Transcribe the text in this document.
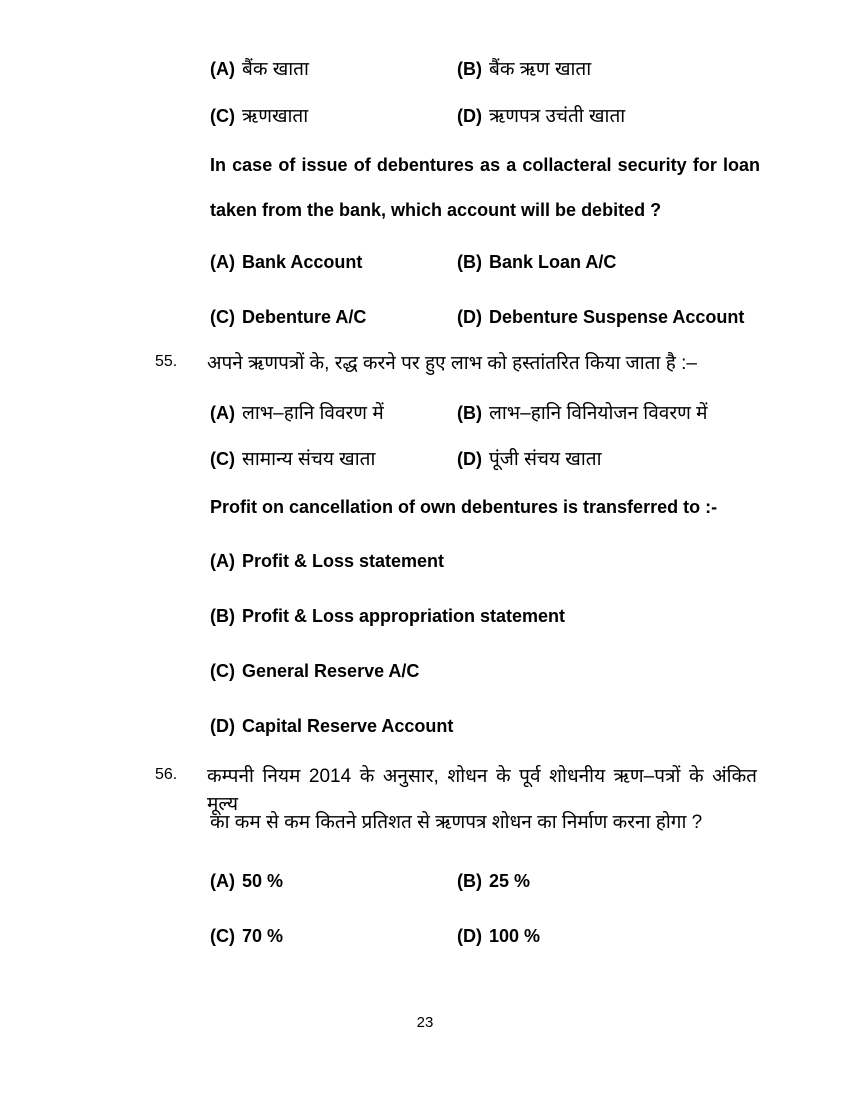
(A) बैंक खाता	(B) बैंक ऋण खाता
(C) ऋणखाता	(D) ऋणपत्र उचंती खाता
In case of issue of debentures as a collacteral security for loan
taken from the bank, which account will be debited ?
(A) Bank Account	(B) Bank Loan A/C
(C) Debenture A/C	(D) Debenture Suspense Account
55.	अपने ऋणपत्रों के, रद्ध करने पर हुए लाभ को हस्तांतरित किया जाता है :–
(A) लाभ–हानि विवरण में	(B) लाभ–हानि विनियोजन विवरण में
(C) सामान्य संचय खाता	(D) पूंजी संचय खाता
Profit on cancellation of own debentures is transferred to :-
(A) Profit & Loss statement
(B) Profit & Loss appropriation statement
(C) General Reserve A/C
(D) Capital Reserve Account
56.	कम्पनी नियम 2014 के अनुसार, शोधन के पूर्व शोधनीय ऋण–पत्रों के अंकित मूल्य
का कम से कम कितने प्रतिशत से ऋणपत्र शोधन का निर्माण करना होगा ?
(A) 50 %	(B) 25 %
(C) 70 %	(D) 100 %
23
